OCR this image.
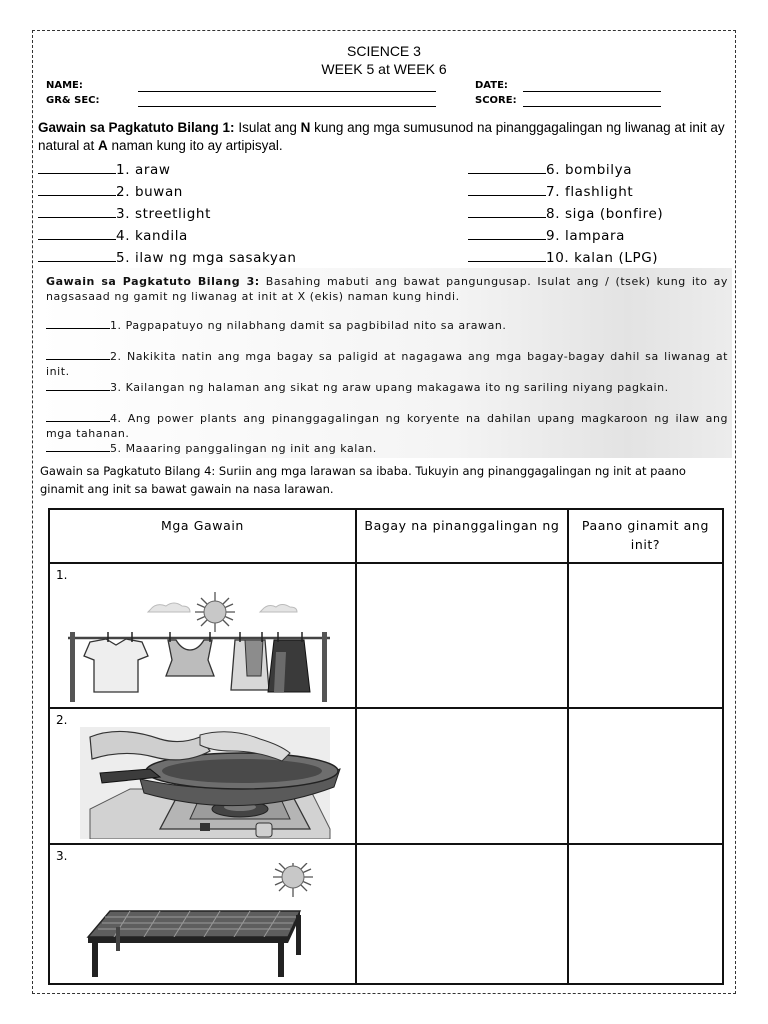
SCIENCE 3
WEEK 5 at WEEK 6
NAME:	DATE:
GR& SEC:	SCORE:
Gawain sa Pagkatuto Bilang 1: Isulat ang N kung ang mga sumusunod na pinanggagalingan ng liwanag at init ay natural at A naman kung ito ay artipisyal.
1. araw
2. buwan
3. streetlight
4. kandila
5. ilaw ng mga sasakyan
6. bombilya
7. flashlight
8. siga (bonfire)
9. lampara
10. kalan (LPG)
Gawain sa Pagkatuto Bilang 3: Basahing mabuti ang bawat pangungusap. Isulat ang / (tsek) kung ito ay nagsasaad ng gamit ng liwanag at init at X (ekis) naman kung hindi.
1. Pagpapatuyo ng nilabhang damit sa pagbibilad nito sa arawan.
2. Nakikita natin ang mga bagay sa paligid at nagagawa ang mga bagay-bagay dahil sa liwanag at init.
3. Kailangan ng halaman ang sikat ng araw upang makagawa ito ng sariling niyang pagkain.
4. Ang power plants ang pinanggagalingan ng koryente na dahilan upang magkaroon ng ilaw ang mga tahanan.
5. Maaaring panggalingan ng init ang kalan.
Gawain sa Pagkatuto Bilang 4: Suriin ang mga larawan sa ibaba. Tukuyin ang pinanggagalingan ng init at paano ginamit ang init sa bawat gawain na nasa larawan.
Mga Gawain	Bagay na pinanggalingan ng	Paano ginamit ang init?

1.		

2.		

3.		
